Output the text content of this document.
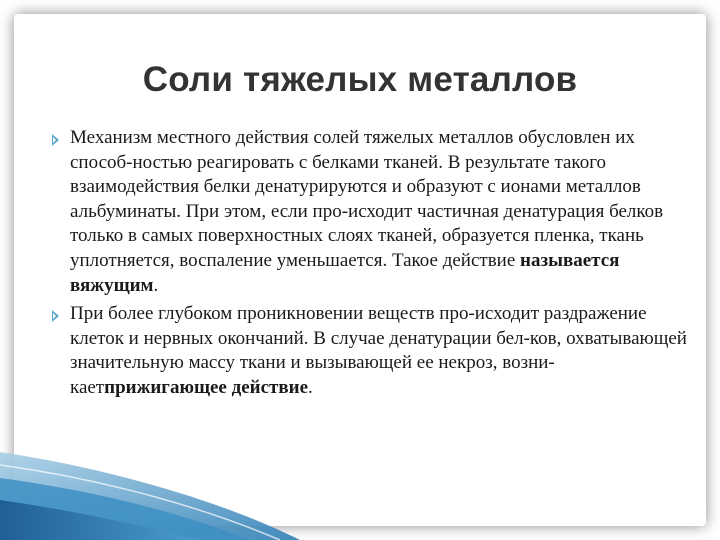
Соли тяжелых металлов
Механизм местного действия солей тяжелых металлов обусловлен их способ-ностью реагировать с белками тканей. В результате такого взаимодействия белки денатурируются и образуют с ионами металлов альбуминаты. При этом, если про-исходит частичная денатурация белков только в самых поверхностных слоях тканей, образуется пленка, ткань уплотняется, воспаление уменьшается. Такое действие называется вяжущим.
При более глубоком проникновении веществ про-исходит раздражение клеток и нервных окончаний. В случае денатурации бел-ков, охватывающей значительную массу ткани и вызывающей ее некроз, возни-каетприжигающее действие.
